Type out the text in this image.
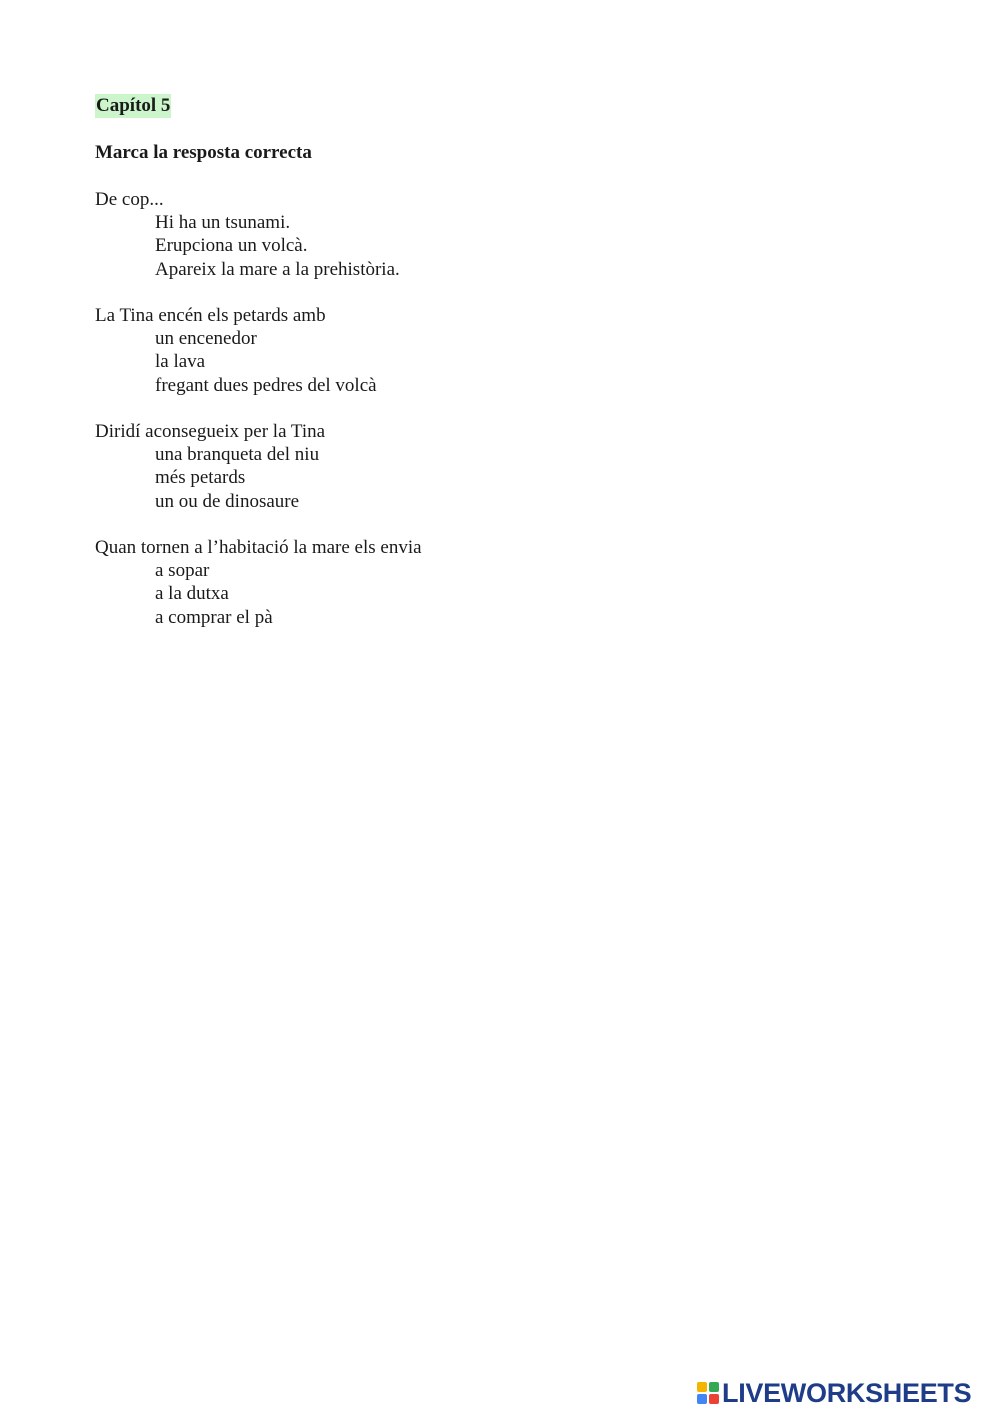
Capítol 5
Marca la resposta correcta
De cop...
Hi ha un tsunami.
Erupciona un volcà.
Apareix la mare a la prehistòria.
La Tina encén els petards amb
un encenedor
la lava
fregant dues pedres del volcà
Diridí aconsegueix per la Tina
una branqueta del niu
més petards
un ou de dinosaure
Quan tornen a l’habitació la mare els envia
a sopar
a la dutxa
a comprar el pà
LIVEWORKSHEETS
